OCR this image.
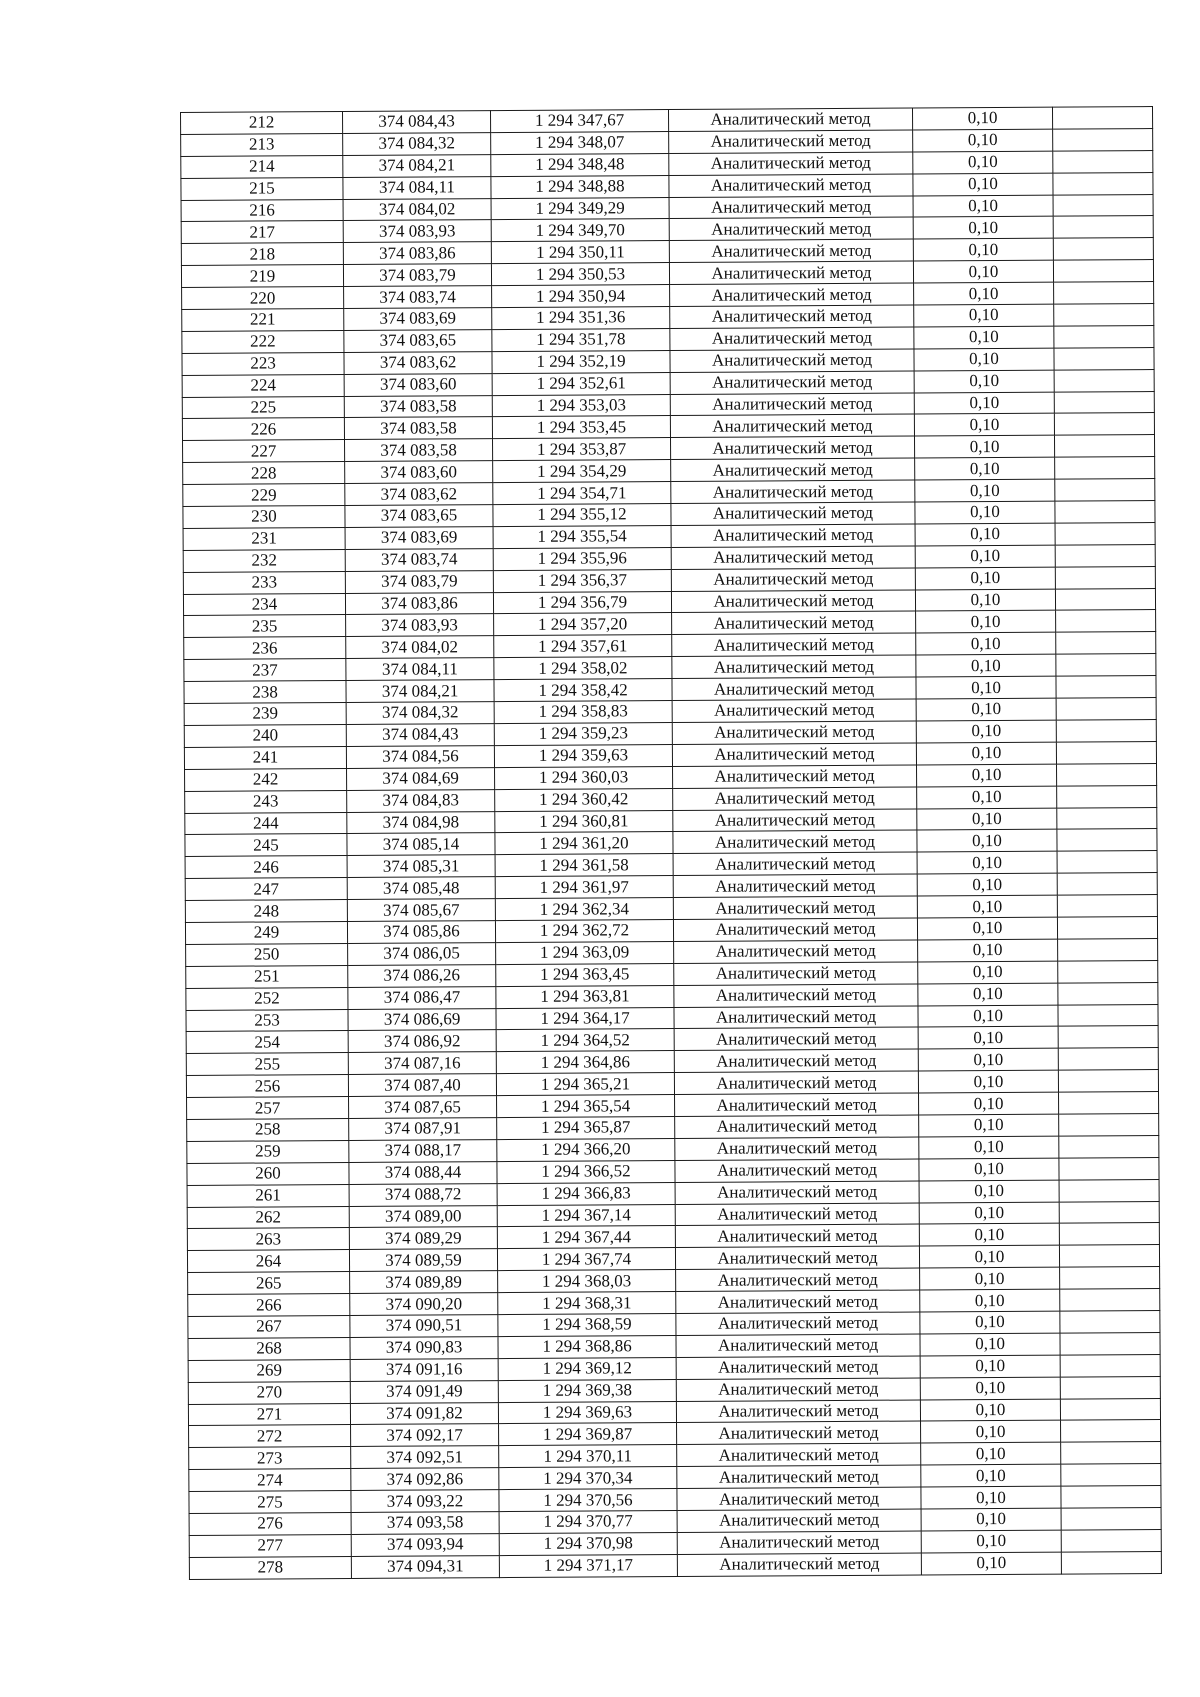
212	374 084,43	1 294 347,67	Аналитический метод	0,10	
213	374 084,32	1 294 348,07	Аналитический метод	0,10	
214	374 084,21	1 294 348,48	Аналитический метод	0,10	
215	374 084,11	1 294 348,88	Аналитический метод	0,10	
216	374 084,02	1 294 349,29	Аналитический метод	0,10	
217	374 083,93	1 294 349,70	Аналитический метод	0,10	
218	374 083,86	1 294 350,11	Аналитический метод	0,10	
219	374 083,79	1 294 350,53	Аналитический метод	0,10	
220	374 083,74	1 294 350,94	Аналитический метод	0,10	
221	374 083,69	1 294 351,36	Аналитический метод	0,10	
222	374 083,65	1 294 351,78	Аналитический метод	0,10	
223	374 083,62	1 294 352,19	Аналитический метод	0,10	
224	374 083,60	1 294 352,61	Аналитический метод	0,10	
225	374 083,58	1 294 353,03	Аналитический метод	0,10	
226	374 083,58	1 294 353,45	Аналитический метод	0,10	
227	374 083,58	1 294 353,87	Аналитический метод	0,10	
228	374 083,60	1 294 354,29	Аналитический метод	0,10	
229	374 083,62	1 294 354,71	Аналитический метод	0,10	
230	374 083,65	1 294 355,12	Аналитический метод	0,10	
231	374 083,69	1 294 355,54	Аналитический метод	0,10	
232	374 083,74	1 294 355,96	Аналитический метод	0,10	
233	374 083,79	1 294 356,37	Аналитический метод	0,10	
234	374 083,86	1 294 356,79	Аналитический метод	0,10	
235	374 083,93	1 294 357,20	Аналитический метод	0,10	
236	374 084,02	1 294 357,61	Аналитический метод	0,10	
237	374 084,11	1 294 358,02	Аналитический метод	0,10	
238	374 084,21	1 294 358,42	Аналитический метод	0,10	
239	374 084,32	1 294 358,83	Аналитический метод	0,10	
240	374 084,43	1 294 359,23	Аналитический метод	0,10	
241	374 084,56	1 294 359,63	Аналитический метод	0,10	
242	374 084,69	1 294 360,03	Аналитический метод	0,10	
243	374 084,83	1 294 360,42	Аналитический метод	0,10	
244	374 084,98	1 294 360,81	Аналитический метод	0,10	
245	374 085,14	1 294 361,20	Аналитический метод	0,10	
246	374 085,31	1 294 361,58	Аналитический метод	0,10	
247	374 085,48	1 294 361,97	Аналитический метод	0,10	
248	374 085,67	1 294 362,34	Аналитический метод	0,10	
249	374 085,86	1 294 362,72	Аналитический метод	0,10	
250	374 086,05	1 294 363,09	Аналитический метод	0,10	
251	374 086,26	1 294 363,45	Аналитический метод	0,10	
252	374 086,47	1 294 363,81	Аналитический метод	0,10	
253	374 086,69	1 294 364,17	Аналитический метод	0,10	
254	374 086,92	1 294 364,52	Аналитический метод	0,10	
255	374 087,16	1 294 364,86	Аналитический метод	0,10	
256	374 087,40	1 294 365,21	Аналитический метод	0,10	
257	374 087,65	1 294 365,54	Аналитический метод	0,10	
258	374 087,91	1 294 365,87	Аналитический метод	0,10	
259	374 088,17	1 294 366,20	Аналитический метод	0,10	
260	374 088,44	1 294 366,52	Аналитический метод	0,10	
261	374 088,72	1 294 366,83	Аналитический метод	0,10	
262	374 089,00	1 294 367,14	Аналитический метод	0,10	
263	374 089,29	1 294 367,44	Аналитический метод	0,10	
264	374 089,59	1 294 367,74	Аналитический метод	0,10	
265	374 089,89	1 294 368,03	Аналитический метод	0,10	
266	374 090,20	1 294 368,31	Аналитический метод	0,10	
267	374 090,51	1 294 368,59	Аналитический метод	0,10	
268	374 090,83	1 294 368,86	Аналитический метод	0,10	
269	374 091,16	1 294 369,12	Аналитический метод	0,10	
270	374 091,49	1 294 369,38	Аналитический метод	0,10	
271	374 091,82	1 294 369,63	Аналитический метод	0,10	
272	374 092,17	1 294 369,87	Аналитический метод	0,10	
273	374 092,51	1 294 370,11	Аналитический метод	0,10	
274	374 092,86	1 294 370,34	Аналитический метод	0,10	
275	374 093,22	1 294 370,56	Аналитический метод	0,10	
276	374 093,58	1 294 370,77	Аналитический метод	0,10	
277	374 093,94	1 294 370,98	Аналитический метод	0,10	
278	374 094,31	1 294 371,17	Аналитический метод	0,10	
